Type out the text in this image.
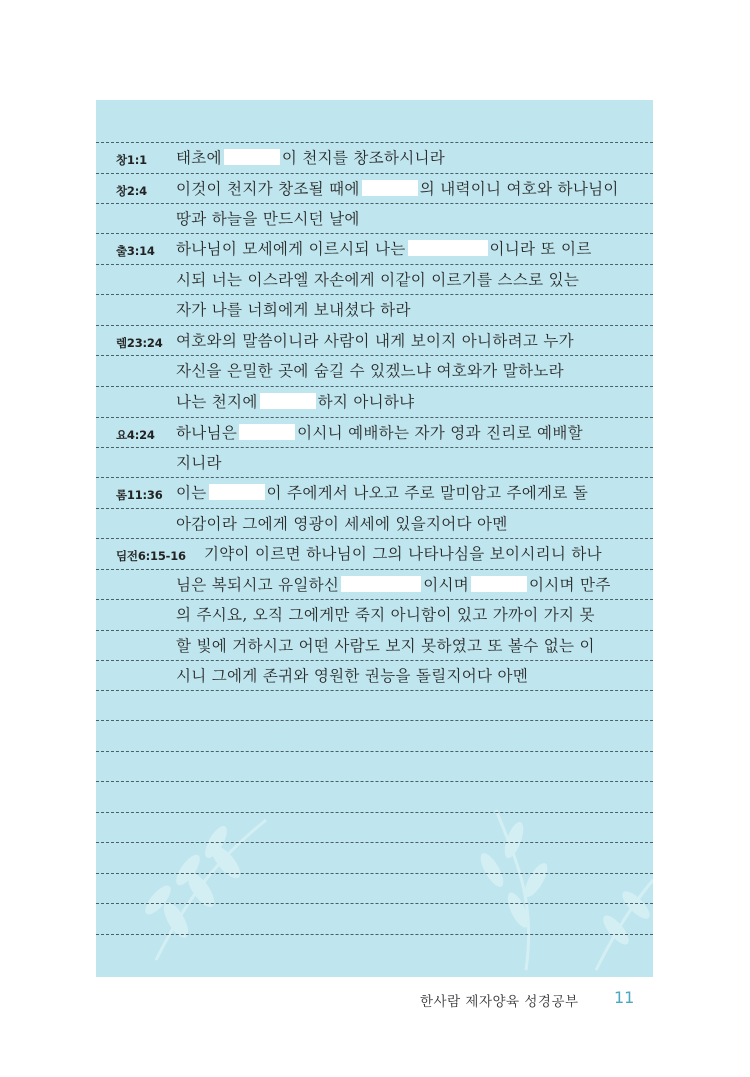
창1:1 태초에	이 천지를 창조하시니라
창2:4 이것이 천지가 창조될 때에	의 내력이니 여호와 하나님이
땅과 하늘을 만드시던 날에
출3:14 하나님이 모세에게 이르시되 나는	이니라 또 이르
시되 너는 이스라엘 자손에게 이같이 이르기를 스스로 있는
자가 나를 너희에게 보내셨다 하라
렘23:24 여호와의 말씀이니라 사람이 내게 보이지 아니하려고 누가
자신을 은밀한 곳에 숨길 수 있겠느냐 여호와가 말하노라
나는 천지에	하지 아니하냐
요4:24 하나님은	이시니 예배하는 자가 영과 진리로 예배할
지니라
롬11:36 이는	이 주에게서 나오고 주로 말미암고 주에게로 돌
아감이라 그에게 영광이 세세에 있을지어다 아멘
딤전6:15-16 기약이 이르면 하나님이 그의 나타나심을 보이시리니 하나
님은 복되시고 유일하신	이시며	이시며 만주
의 주시요, 오직 그에게만 죽지 아니함이 있고 가까이 가지 못
할 빛에 거하시고 어떤 사람도 보지 못하였고 또 볼수 없는 이
시니 그에게 존귀와 영원한 권능을 돌릴지어다 아멘
한사람 제자양육 성경공부 11
